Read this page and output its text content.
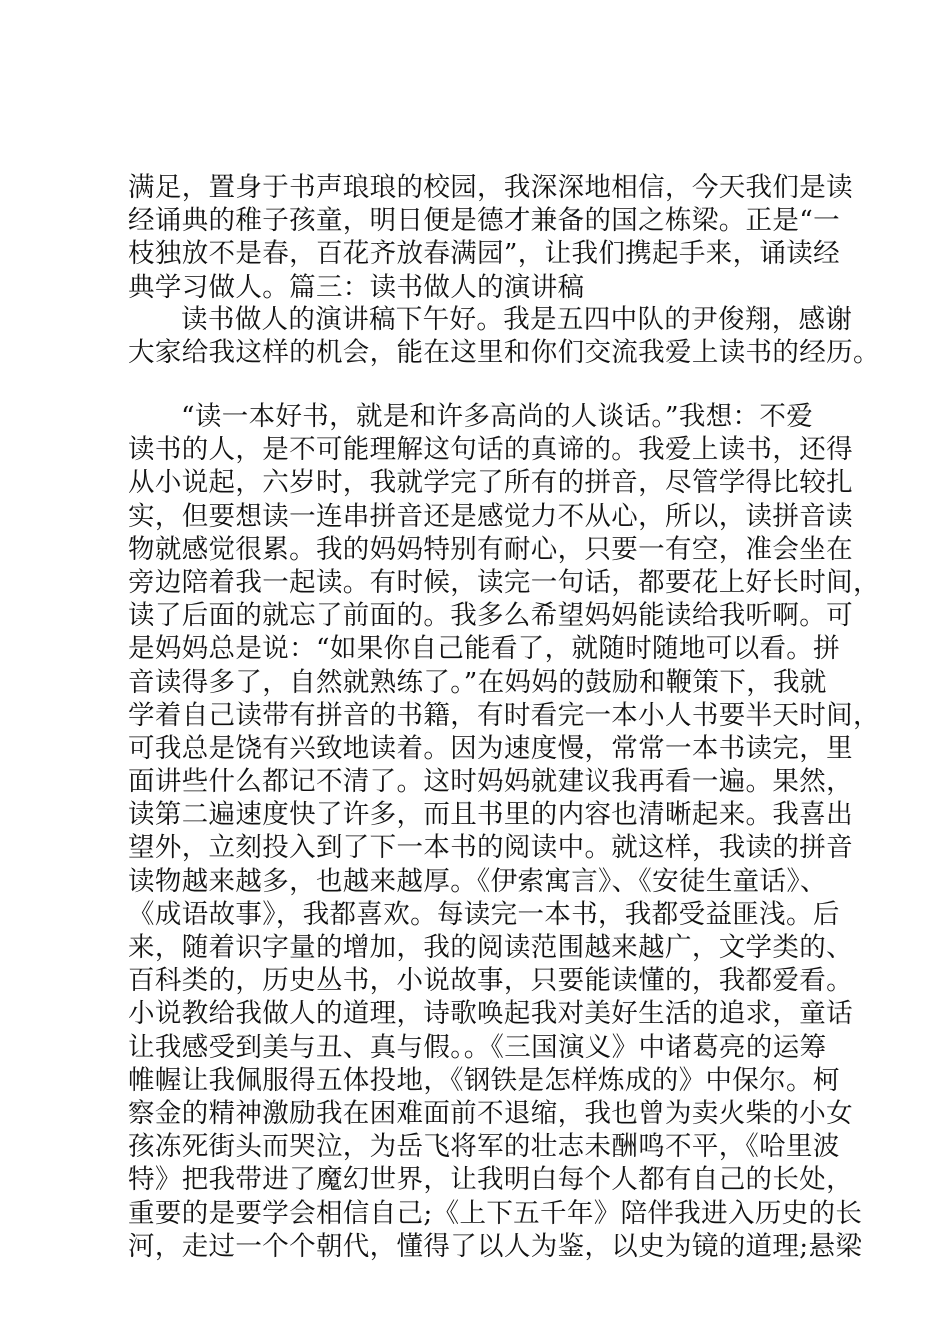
满足，置身于书声琅琅的校园，我深深地相信，今天我们是读
经诵典的稚子孩童，明日便是德才兼备的国之栋梁。正是“一
枝独放不是春，百花齐放春满园”，让我们携起手来，诵读经
典学习做人。篇三：读书做人的演讲稿
读书做人的演讲稿下午好。我是五四中队的尹俊翔，感谢
大家给我这样的机会，能在这里和你们交流我爱上读书的经历。
“读一本好书，就是和许多高尚的人谈话。”我想：不爱
读书的人，是不可能理解这句话的真谛的。我爱上读书，还得
从小说起，六岁时，我就学完了所有的拼音，尽管学得比较扎
实，但要想读一连串拼音还是感觉力不从心，所以，读拼音读
物就感觉很累。我的妈妈特别有耐心，只要一有空，准会坐在
旁边陪着我一起读。有时候，读完一句话，都要花上好长时间，
读了后面的就忘了前面的。我多么希望妈妈能读给我听啊。可
是妈妈总是说：“如果你自己能看了，就随时随地可以看。拼
音读得多了，自然就熟练了。”在妈妈的鼓励和鞭策下，我就
学着自己读带有拼音的书籍，有时看完一本小人书要半天时间，
可我总是饶有兴致地读着。因为速度慢，常常一本书读完，里
面讲些什么都记不清了。这时妈妈就建议我再看一遍。果然，
读第二遍速度快了许多，而且书里的内容也清晰起来。我喜出
望外，立刻投入到了下一本书的阅读中。就这样，我读的拼音
读物越来越多，也越来越厚。《伊索寓言》、《安徒生童话》、
《成语故事》，我都喜欢。每读完一本书，我都受益匪浅。后
来，随着识字量的增加，我的阅读范围越来越广，文学类的、
百科类的，历史丛书，小说故事，只要能读懂的，我都爱看。
小说教给我做人的道理，诗歌唤起我对美好生活的追求，童话
让我感受到美与丑、真与假。。《三国演义》中诸葛亮的运筹
帷幄让我佩服得五体投地，《钢铁是怎样炼成的》中保尔。柯
察金的精神激励我在困难面前不退缩，我也曾为卖火柴的小女
孩冻死街头而哭泣，为岳飞将军的壮志未酬鸣不平，《哈里波
特》把我带进了魔幻世界，让我明白每个人都有自己的长处，
重要的是要学会相信自己;《上下五千年》陪伴我进入历史的长
河，走过一个个朝代，懂得了以人为鉴，以史为镜的道理;悬梁
